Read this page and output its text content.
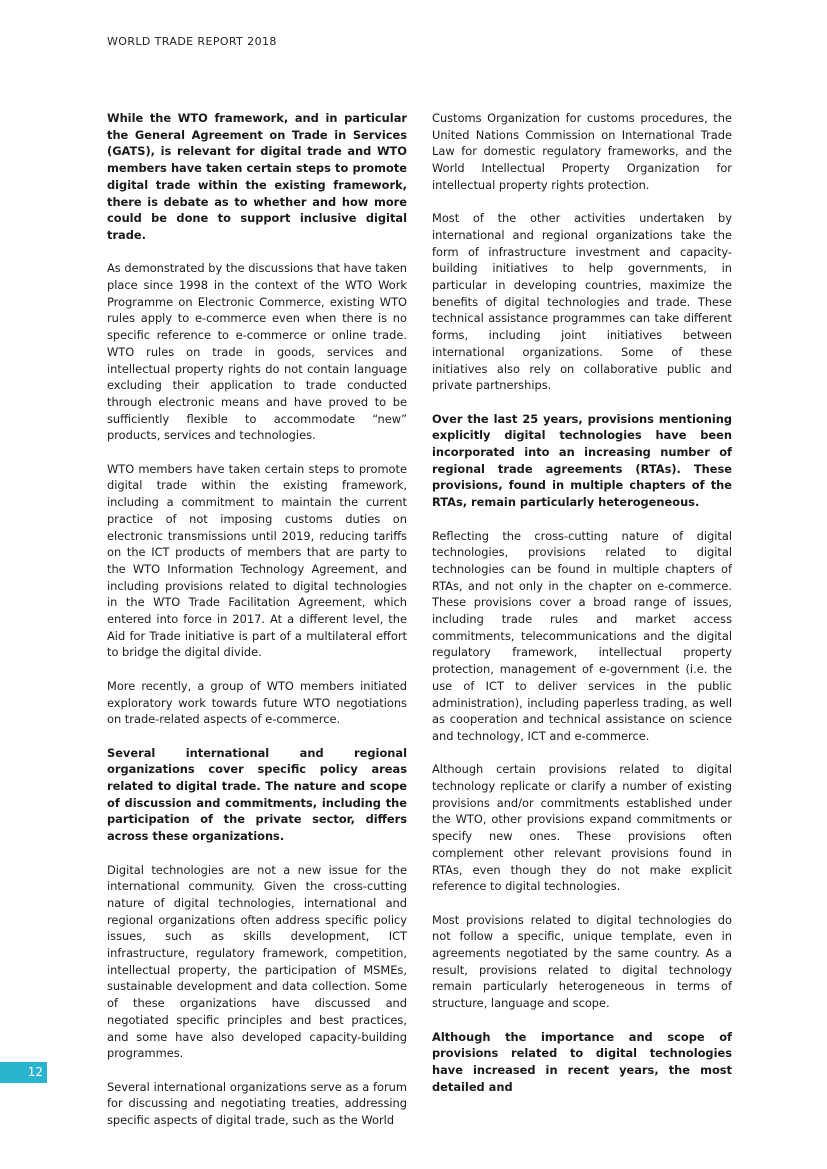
WORLD TRADE REPORT 2018

While the WTO framework, and in particular the General Agreement on Trade in Services (GATS), is relevant for digital trade and WTO members have taken certain steps to promote digital trade within the existing framework, there is debate as to whether and how more could be done to support inclusive digital trade.

As demonstrated by the discussions that have taken place since 1998 in the context of the WTO Work Programme on Electronic Commerce, existing WTO rules apply to e-commerce even when there is no specific reference to e-commerce or online trade. WTO rules on trade in goods, services and intellectual property rights do not contain language excluding their application to trade conducted through electronic means and have proved to be sufficiently flexible to accommodate “new” products, services and technologies.

WTO members have taken certain steps to promote digital trade within the existing framework, including a commitment to maintain the current practice of not imposing customs duties on electronic transmissions until 2019, reducing tariffs on the ICT products of members that are party to the WTO Information Technology Agreement, and including provisions related to digital technologies in the WTO Trade Facilitation Agreement, which entered into force in 2017. At a different level, the Aid for Trade initiative is part of a multilateral effort to bridge the digital divide.

More recently, a group of WTO members initiated exploratory work towards future WTO negotiations on trade-related aspects of e-commerce.

Several international and regional organizations cover specific policy areas related to digital trade. The nature and scope of discussion and commitments, including the participation of the private sector, differs across these organizations.

Digital technologies are not a new issue for the international community. Given the cross-cutting nature of digital technologies, international and regional organizations often address specific policy issues, such as skills development, ICT infrastructure, regulatory framework, competition, intellectual property, the participation of MSMEs, sustainable development and data collection. Some of these organizations have discussed and negotiated specific principles and best practices, and some have also developed capacity-building programmes.

Several international organizations serve as a forum for discussing and negotiating treaties, addressing specific aspects of digital trade, such as the World

Customs Organization for customs procedures, the United Nations Commission on International Trade Law for domestic regulatory frameworks, and the World Intellectual Property Organization for intellectual property rights protection.

Most of the other activities undertaken by international and regional organizations take the form of infrastructure investment and capacity-building initiatives to help governments, in particular in developing countries, maximize the benefits of digital technologies and trade. These technical assistance programmes can take different forms, including joint initiatives between international organizations. Some of these initiatives also rely on collaborative public and private partnerships.

Over the last 25 years, provisions mentioning explicitly digital technologies have been incorporated into an increasing number of regional trade agreements (RTAs). These provisions, found in multiple chapters of the RTAs, remain particularly heterogeneous.

Reflecting the cross-cutting nature of digital technologies, provisions related to digital technologies can be found in multiple chapters of RTAs, and not only in the chapter on e-commerce. These provisions cover a broad range of issues, including trade rules and market access commitments, telecommunications and the digital regulatory framework, intellectual property protection, management of e-government (i.e. the use of ICT to deliver services in the public administration), including paperless trading, as well as cooperation and technical assistance on science and technology, ICT and e-commerce.

Although certain provisions related to digital technology replicate or clarify a number of existing provisions and/or commitments established under the WTO, other provisions expand commitments or specify new ones. These provisions often complement other relevant provisions found in RTAs, even though they do not make explicit reference to digital technologies.

Most provisions related to digital technologies do not follow a specific, unique template, even in agreements negotiated by the same country. As a result, provisions related to digital technology remain particularly heterogeneous in terms of structure, language and scope.

Although the importance and scope of provisions related to digital technologies have increased in recent years, the most detailed and

12
